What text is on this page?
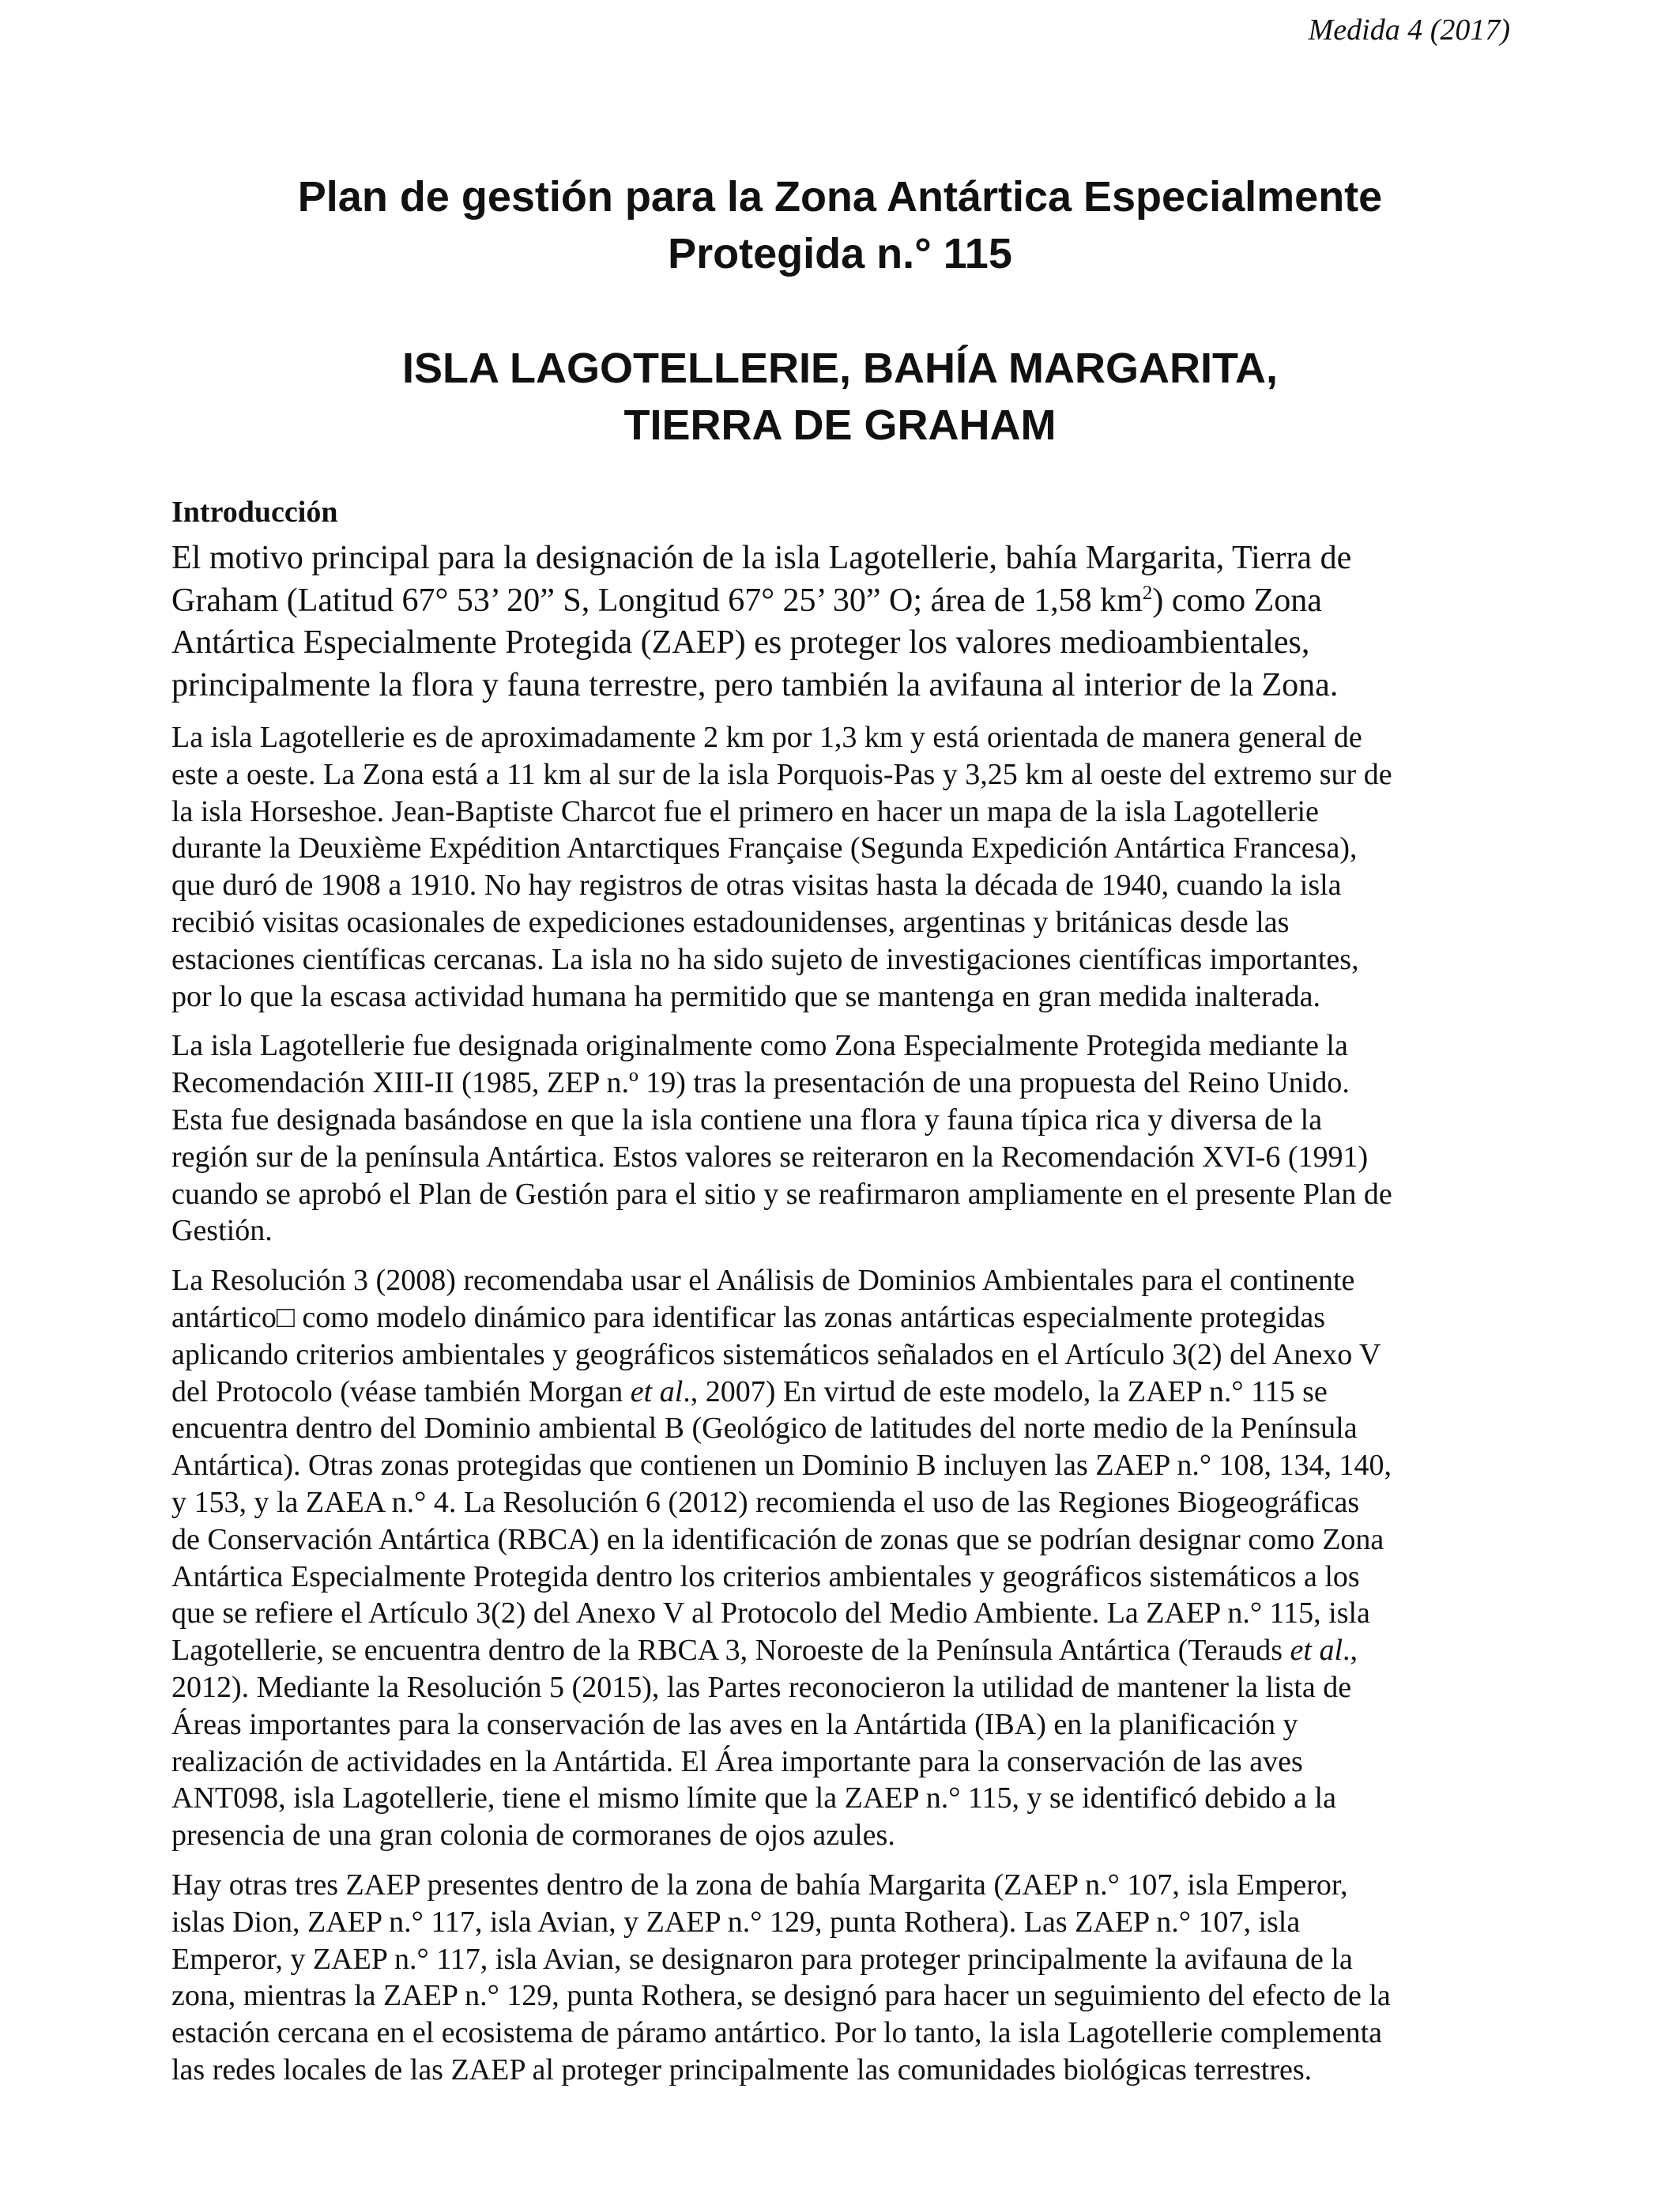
Medida 4 (2017)
Plan de gestión para la Zona Antártica Especialmente
Protegida n.° 115
ISLA LAGOTELLERIE, BAHÍA MARGARITA,
TIERRA DE GRAHAM
Introducción

El motivo principal para la designación de la isla Lagotellerie, bahía Margarita, Tierra de
Graham (Latitud 67° 53’ 20” S, Longitud 67° 25’ 30” O; área de 1,58 $km^2$) como Zona
Antártica Especialmente Protegida (ZAEP) es proteger los valores medioambientales,
principalmente la flora y fauna terrestre, pero también la avifauna al interior de la Zona.

La isla Lagotellerie es de aproximadamente 2 km por 1,3 km y está orientada de manera general de
este a oeste. La Zona está a 11 km al sur de la isla Porquois-Pas y 3,25 km al oeste del extremo sur de
la isla Horseshoe. Jean-Baptiste Charcot fue el primero en hacer un mapa de la isla Lagotellerie
durante la Deuxième Expédition Antarctiques Française (Segunda Expedición Antártica Francesa),
que duró de 1908 a 1910. No hay registros de otras visitas hasta la década de 1940, cuando la isla
recibió visitas ocasionales de expediciones estadounidenses, argentinas y británicas desde las
estaciones científicas cercanas. La isla no ha sido sujeto de investigaciones científicas importantes,
por lo que la escasa actividad humana ha permitido que se mantenga en gran medida inalterada.

La isla Lagotellerie fue designada originalmente como Zona Especialmente Protegida mediante la
Recomendación XIII-II (1985, ZEP n.º 19) tras la presentación de una propuesta del Reino Unido.
Esta fue designada basándose en que la isla contiene una flora y fauna típica rica y diversa de la
región sur de la península Antártica. Estos valores se reiteraron en la Recomendación XVI-6 (1991)
cuando se aprobó el Plan de Gestión para el sitio y se reafirmaron ampliamente en el presente Plan de
Gestión.

La Resolución 3 (2008) recomendaba usar el Análisis de Dominios Ambientales para el continente
antártico□ como modelo dinámico para identificar las zonas antárticas especialmente protegidas
aplicando criterios ambientales y geográficos sistemáticos señalados en el Artículo 3(2) del Anexo V
del Protocolo (véase también Morgan et al., 2007) En virtud de este modelo, la ZAEP n.° 115 se
encuentra dentro del Dominio ambiental B (Geológico de latitudes del norte medio de la Península
Antártica). Otras zonas protegidas que contienen un Dominio B incluyen las ZAEP n.° 108, 134, 140,
y 153, y la ZAEA n.° 4. La Resolución 6 (2012) recomienda el uso de las Regiones Biogeográficas
de Conservación Antártica (RBCA) en la identificación de zonas que se podrían designar como Zona
Antártica Especialmente Protegida dentro los criterios ambientales y geográficos sistemáticos a los
que se refiere el Artículo 3(2) del Anexo V al Protocolo del Medio Ambiente. La ZAEP n.° 115, isla
Lagotellerie, se encuentra dentro de la RBCA 3, Noroeste de la Península Antártica (Terauds et al.,
2012). Mediante la Resolución 5 (2015), las Partes reconocieron la utilidad de mantener la lista de
Áreas importantes para la conservación de las aves en la Antártida (IBA) en la planificación y
realización de actividades en la Antártida. El Área importante para la conservación de las aves
ANT098, isla Lagotellerie, tiene el mismo límite que la ZAEP n.° 115, y se identificó debido a la
presencia de una gran colonia de cormoranes de ojos azules.

Hay otras tres ZAEP presentes dentro de la zona de bahía Margarita (ZAEP n.° 107, isla Emperor,
islas Dion, ZAEP n.° 117, isla Avian, y ZAEP n.° 129, punta Rothera). Las ZAEP n.° 107, isla
Emperor, y ZAEP n.° 117, isla Avian, se designaron para proteger principalmente la avifauna de la
zona, mientras la ZAEP n.° 129, punta Rothera, se designó para hacer un seguimiento del efecto de la
estación cercana en el ecosistema de páramo antártico. Por lo tanto, la isla Lagotellerie complementa
las redes locales de las ZAEP al proteger principalmente las comunidades biológicas terrestres.
